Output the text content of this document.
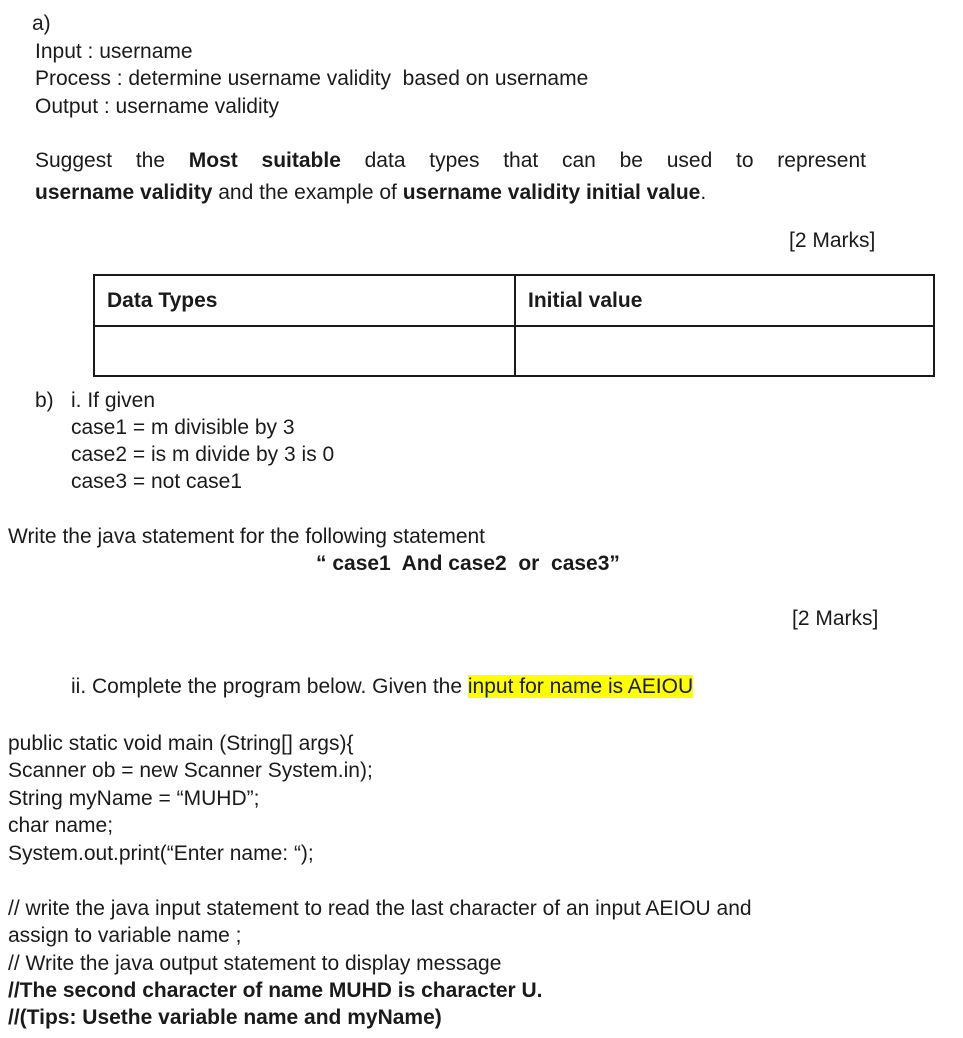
a)
Input : username
Process : determine username validity  based on username
Output : username validity
Suggest the Most suitable data types that can be used to represent
username validity and the example of username validity initial value.
[2 Marks]
Data Types	Initial value

b) i. If given
case1 = m divisible by 3
case2 = is m divide by 3 is 0
case3 = not case1
Write the java statement for the following statement
“ case1  And case2  or  case3”
[2 Marks]
ii. Complete the program below. Given the input for name is AEIOU
public static void main (String[] args){
Scanner ob = new Scanner System.in);
String myName = “MUHD”;
char name;
System.out.print(“Enter name: “);
// write the java input statement to read the last character of an input AEIOU and
assign to variable name ;
// Write the java output statement to display message
//The second character of name MUHD is character U.
//(Tips: Usethe variable name and myName)
